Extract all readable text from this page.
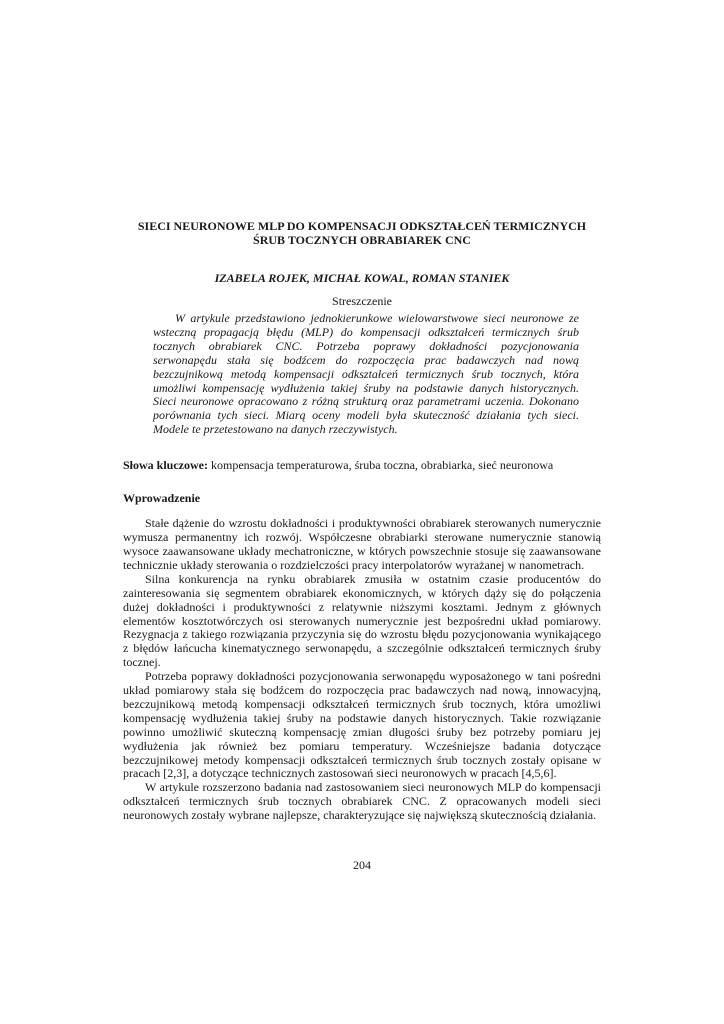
SIECI NEURONOWE MLP DO KOMPENSACJI ODKSZTAŁCEŃ TERMICZNYCH
ŚRUB TOCZNYCH OBRABIAREK CNC
IZABELA ROJEK, MICHAŁ KOWAL, ROMAN STANIEK
Streszczenie

W artykule przedstawiono jednokierunkowe wielowarstwowe sieci neuronowe ze wsteczną propagacją błędu (MLP) do kompensacji odkształceń termicznych śrub tocznych obrabiarek CNC. Potrzeba poprawy dokładności pozycjonowania serwonapędu stała się bodźcem do rozpoczęcia prac badawczych nad nową bezczujnikową metodą kompensacji odkształceń termicznych śrub tocznych, która umożliwi kompensację wydłużenia takiej śruby na podstawie danych historycznych. Sieci neuronowe opracowano z różną strukturą oraz parametrami uczenia. Dokonano porównania tych sieci. Miarą oceny modeli była skuteczność działania tych sieci. Modele te przetestowano na danych rzeczywistych.

Słowa kluczowe: kompensacja temperaturowa, śruba toczna, obrabiarka, sieć neuronowa
Wprowadzenie

Stałe dążenie do wzrostu dokładności i produktywności obrabiarek sterowanych numerycznie wymusza permanentny ich rozwój. Współczesne obrabiarki sterowane numerycznie stanowią wysoce zaawansowane układy mechatroniczne, w których powszechnie stosuje się zaawansowane technicznie układy sterowania o rozdzielczości pracy interpolatorów wyrażanej w nanometrach.

Silna konkurencja na rynku obrabiarek zmusiła w ostatnim czasie producentów do zainteresowania się segmentem obrabiarek ekonomicznych, w których dąży się do połączenia dużej dokładności i produktywności z relatywnie niższymi kosztami. Jednym z głównych elementów kosztotwórczych osi sterowanych numerycznie jest bezpośredni układ pomiarowy. Rezygnacja z takiego rozwiązania przyczynia się do wzrostu błędu pozycjonowania wynikającego z błędów łańcucha kinematycznego serwonapędu, a szczególnie odkształceń termicznych śruby tocznej.

Potrzeba poprawy dokładności pozycjonowania serwonapędu wyposażonego w tani pośredni układ pomiarowy stała się bodźcem do rozpoczęcia prac badawczych nad nową, innowacyjną, bezczujnikową metodą kompensacji odkształceń termicznych śrub tocznych, która umożliwi kompensację wydłużenia takiej śruby na podstawie danych historycznych. Takie rozwiązanie powinno umożliwić skuteczną kompensację zmian długości śruby bez potrzeby pomiaru jej wydłużenia jak również bez pomiaru temperatury. Wcześniejsze badania dotyczące bezczujnikowej metody kompensacji odkształceń termicznych śrub tocznych zostały opisane w pracach [2,3], a dotyczące technicznych zastosowań sieci neuronowych w pracach [4,5,6].

W artykule rozszerzono badania nad zastosowaniem sieci neuronowych MLP do kompensacji odkształceń termicznych śrub tocznych obrabiarek CNC. Z opracowanych modeli sieci neuronowych zostały wybrane najlepsze, charakteryzujące się największą skutecznością działania.

204
